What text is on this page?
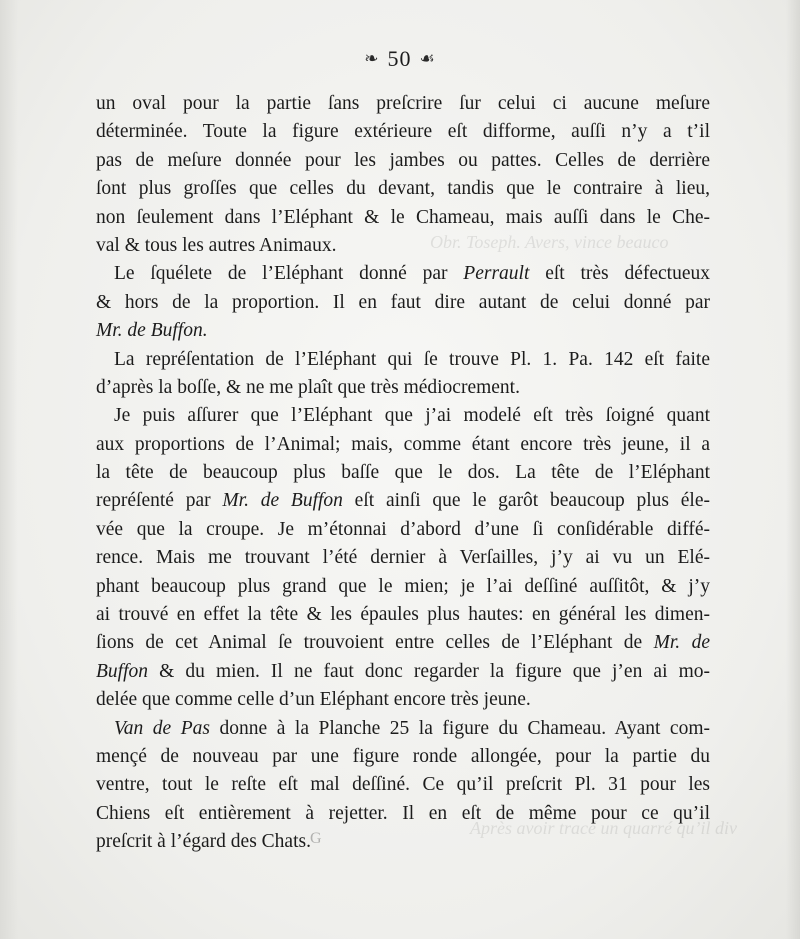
Obr. Toseph. Avers, vince beauco
Après avoir tracé un quarré qu’il div
❧ 50 ☙
un oval pour la partie ſans preſcrire ſur celui ci aucune meſure
déterminée. Toute la figure extérieure eſt difforme, auſſi n’y a t’il
pas de meſure donnée pour les jambes ou pattes. Celles de derrière
ſont plus groſſes que celles du devant, tandis que le contraire à lieu,
non ſeulement dans l’Eléphant & le Chameau, mais auſſi dans le Che-
val & tous les autres Animaux.
Le ſquélete de l’Eléphant donné par Perrault eſt très défectueux
& hors de la proportion. Il en faut dire autant de celui donné par
Mr. de Buffon.
La repréſentation de l’Eléphant qui ſe trouve Pl. 1. Pa. 142 eſt faite
d’après la boſſe, & ne me plaît que très médiocrement.
Je puis aſſurer que l’Eléphant que j’ai modelé eſt très ſoigné quant
aux proportions de l’Animal; mais, comme étant encore très jeune, il a
la tête de beaucoup plus baſſe que le dos. La tête de l’Eléphant
repréſenté par Mr. de Buffon eſt ainſi que le garôt beaucoup plus éle-
vée que la croupe. Je m’étonnai d’abord d’une ſi conſidérable diffé-
rence. Mais me trouvant l’été dernier à Verſailles, j’y ai vu un Elé-
phant beaucoup plus grand que le mien; je l’ai deſſiné auſſitôt, & j’y
ai trouvé en effet la tête & les épaules plus hautes: en général les dimen-
ſions de cet Animal ſe trouvoient entre celles de l’Eléphant de Mr. de
Buffon & du mien. Il ne faut donc regarder la figure que j’en ai mo-
delée que comme celle d’un Eléphant encore très jeune.
Van de Pas donne à la Planche 25 la figure du Chameau. Ayant com-
mençé de nouveau par une figure ronde allongée, pour la partie du
ventre, tout le reſte eſt mal deſſiné. Ce qu’il preſcrit Pl. 31 pour les
Chiens eſt entièrement à rejetter. Il en eſt de même pour ce qu’il
preſcrit à l’égard des Chats. G
